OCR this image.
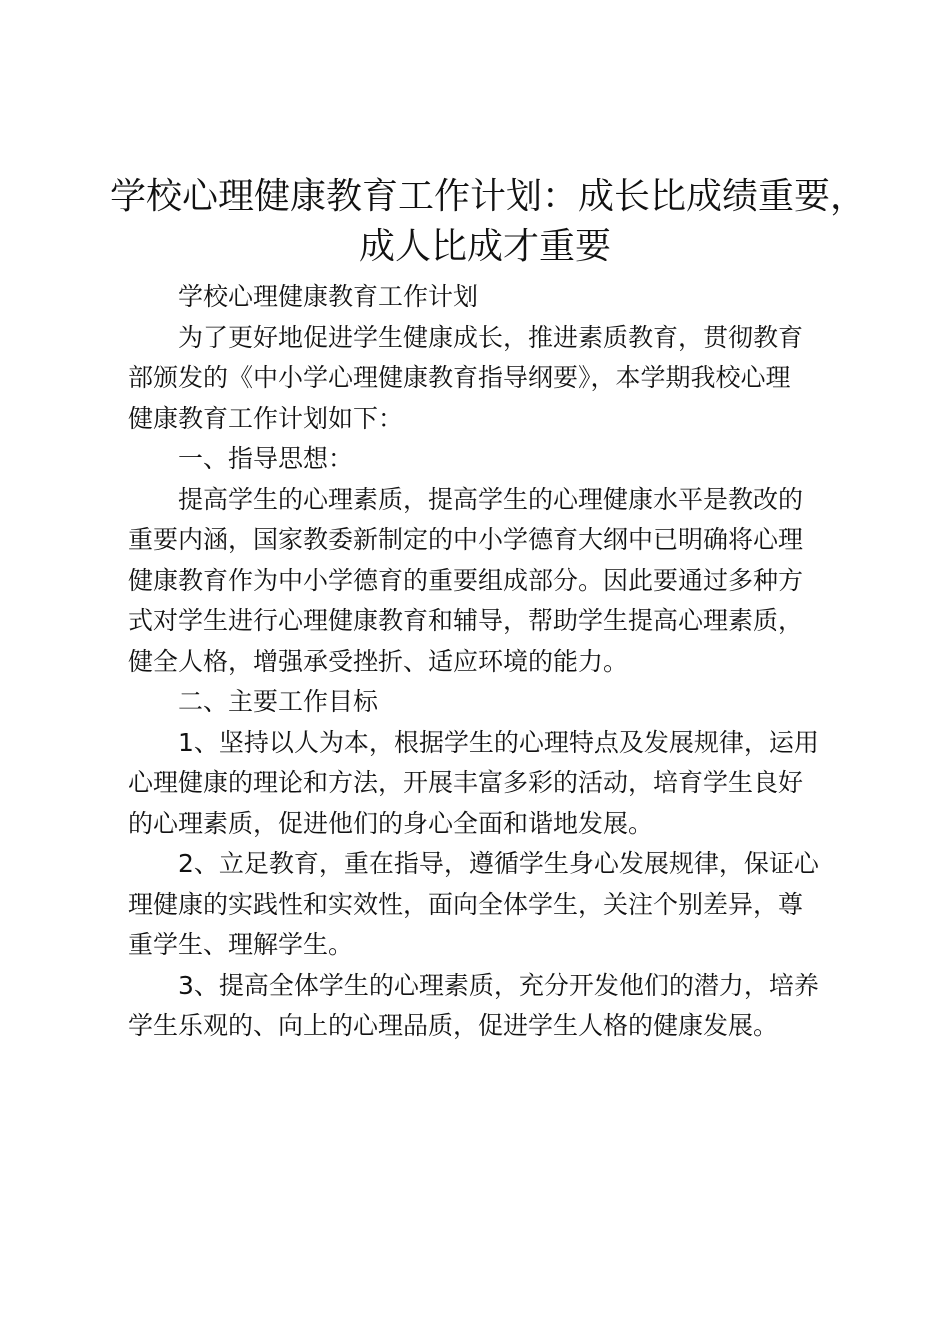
学校心理健康教育工作计划：成长比成绩重要，
成人比成才重要

学校心理健康教育工作计划

为了更好地促进学生健康成长，推进素质教育，贯彻教育
部颁发的《中小学心理健康教育指导纲要》，本学期我校心理
健康教育工作计划如下：

一、指导思想：

提高学生的心理素质，提高学生的心理健康水平是教改的
重要内涵，国家教委新制定的中小学德育大纲中已明确将心理
健康教育作为中小学德育的重要组成部分。因此要通过多种方
式对学生进行心理健康教育和辅导，帮助学生提高心理素质，
健全人格，增强承受挫折、适应环境的能力。

二、主要工作目标

1、坚持以人为本，根据学生的心理特点及发展规律，运用
心理健康的理论和方法，开展丰富多彩的活动，培育学生良好
的心理素质，促进他们的身心全面和谐地发展。

2、立足教育，重在指导，遵循学生身心发展规律，保证心
理健康的实践性和实效性，面向全体学生，关注个别差异，尊
重学生、理解学生。

3、提高全体学生的心理素质，充分开发他们的潜力，培养
学生乐观的、向上的心理品质，促进学生人格的健康发展。
